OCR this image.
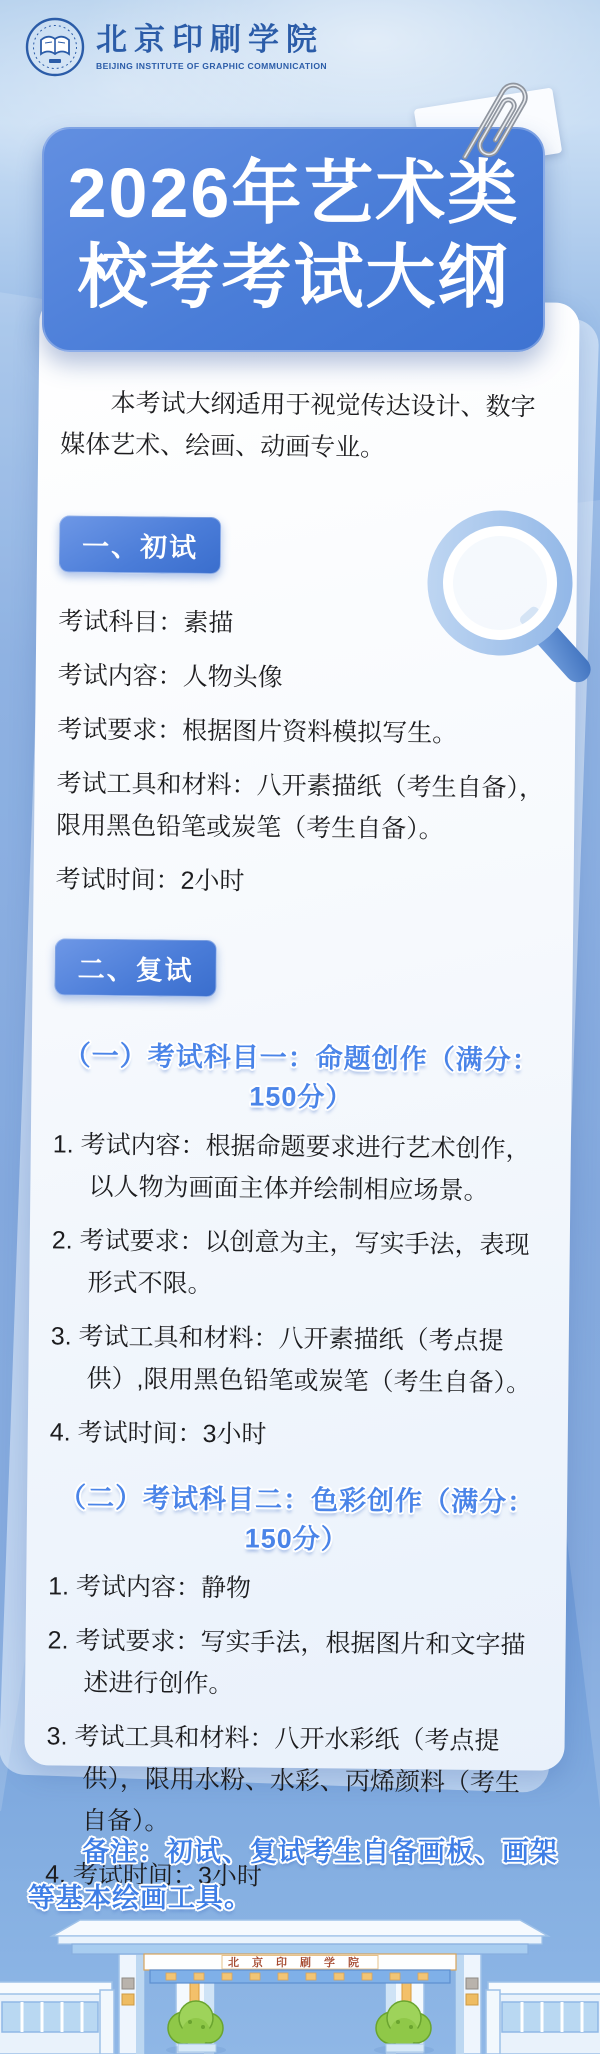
北京印刷学院
BEIJING INSTITUTE OF GRAPHIC COMMUNICATION
2026年艺术类
校考考试大纲

本考试大纲适用于视觉传达设计、数字媒体艺术、绘画、动画专业。

一、初试

考试科目：素描

考试内容：人物头像

考试要求：根据图片资料模拟写生。

考试工具和材料：八开素描纸（考生自备），限用黑色铅笔或炭笔（考生自备）。

考试时间：2小时

二、复试

（一）考试科目一：命题创作（满分：150分）

1. 考试内容：根据命题要求进行艺术创作，以人物为画面主体并绘制相应场景。

2. 考试要求：以创意为主，写实手法，表现形式不限。

3. 考试工具和材料：八开素描纸（考点提供）,限用黑色铅笔或炭笔（考生自备）。

4. 考试时间：3小时

（二）考试科目二：色彩创作（满分：150分）

1. 考试内容：静物

2. 考试要求：写实手法，根据图片和文字描述进行创作。

3. 考试工具和材料：八开水彩纸（考点提供），限用水粉、水彩、丙烯颜料（考生自备）。

4. 考试时间：3小时

备注：初试、复试考生自备画板、画架等基本绘画工具。

北京印刷学院
